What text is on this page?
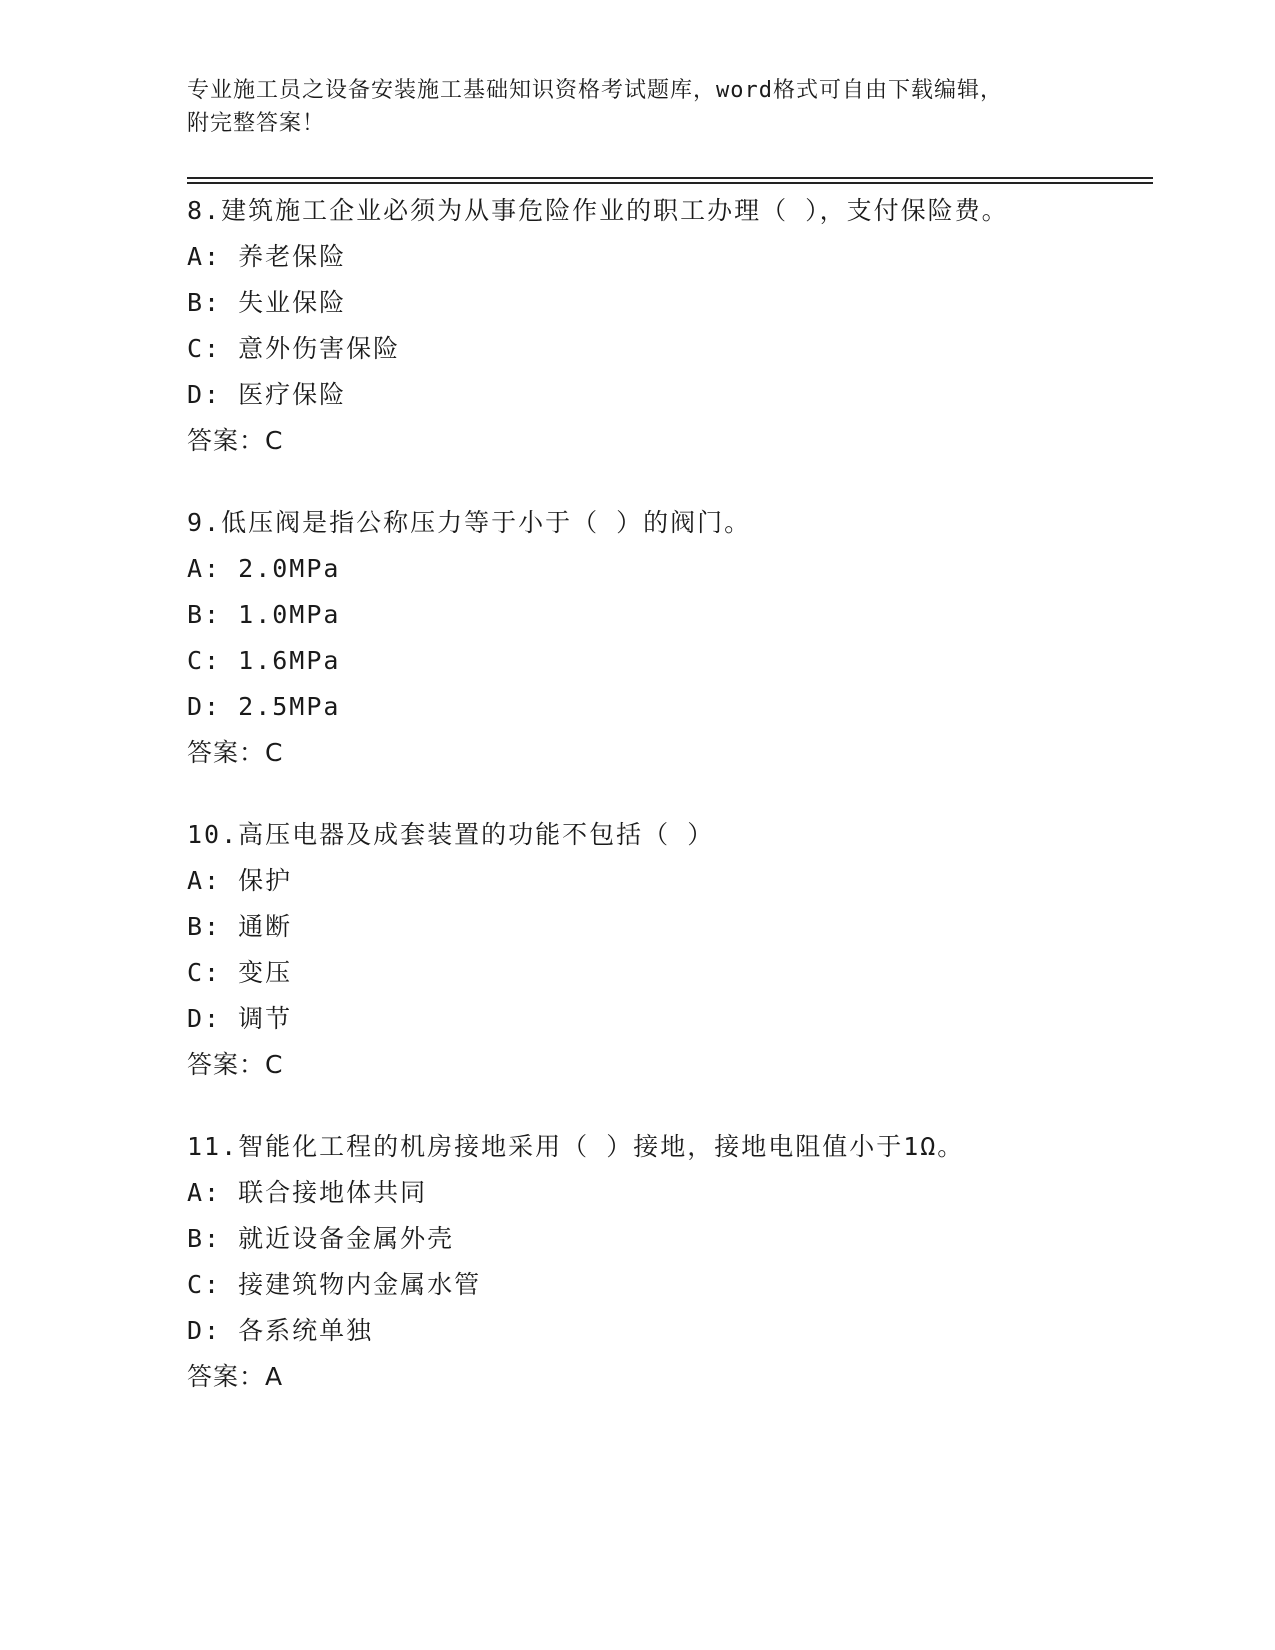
专业施工员之设备安装施工基础知识资格考试题库，word格式可自由下载编辑，
附完整答案！
8.建筑施工企业必须为从事危险作业的职工办理（ ），支付保险费。
A: 养老保险
B: 失业保险
C: 意外伤害保险
D: 医疗保险
答案：C
9.低压阀是指公称压力等于小于（ ）的阀门。
A: 2.0MPa
B: 1.0MPa
C: 1.6MPa
D: 2.5MPa
答案：C
10.高压电器及成套装置的功能不包括（ ）
A: 保护
B: 通断
C: 变压
D: 调节
答案：C
11.智能化工程的机房接地采用（ ）接地，接地电阻值小于1Ω。
A: 联合接地体共同
B: 就近设备金属外壳
C: 接建筑物内金属水管
D: 各系统单独
答案：A
